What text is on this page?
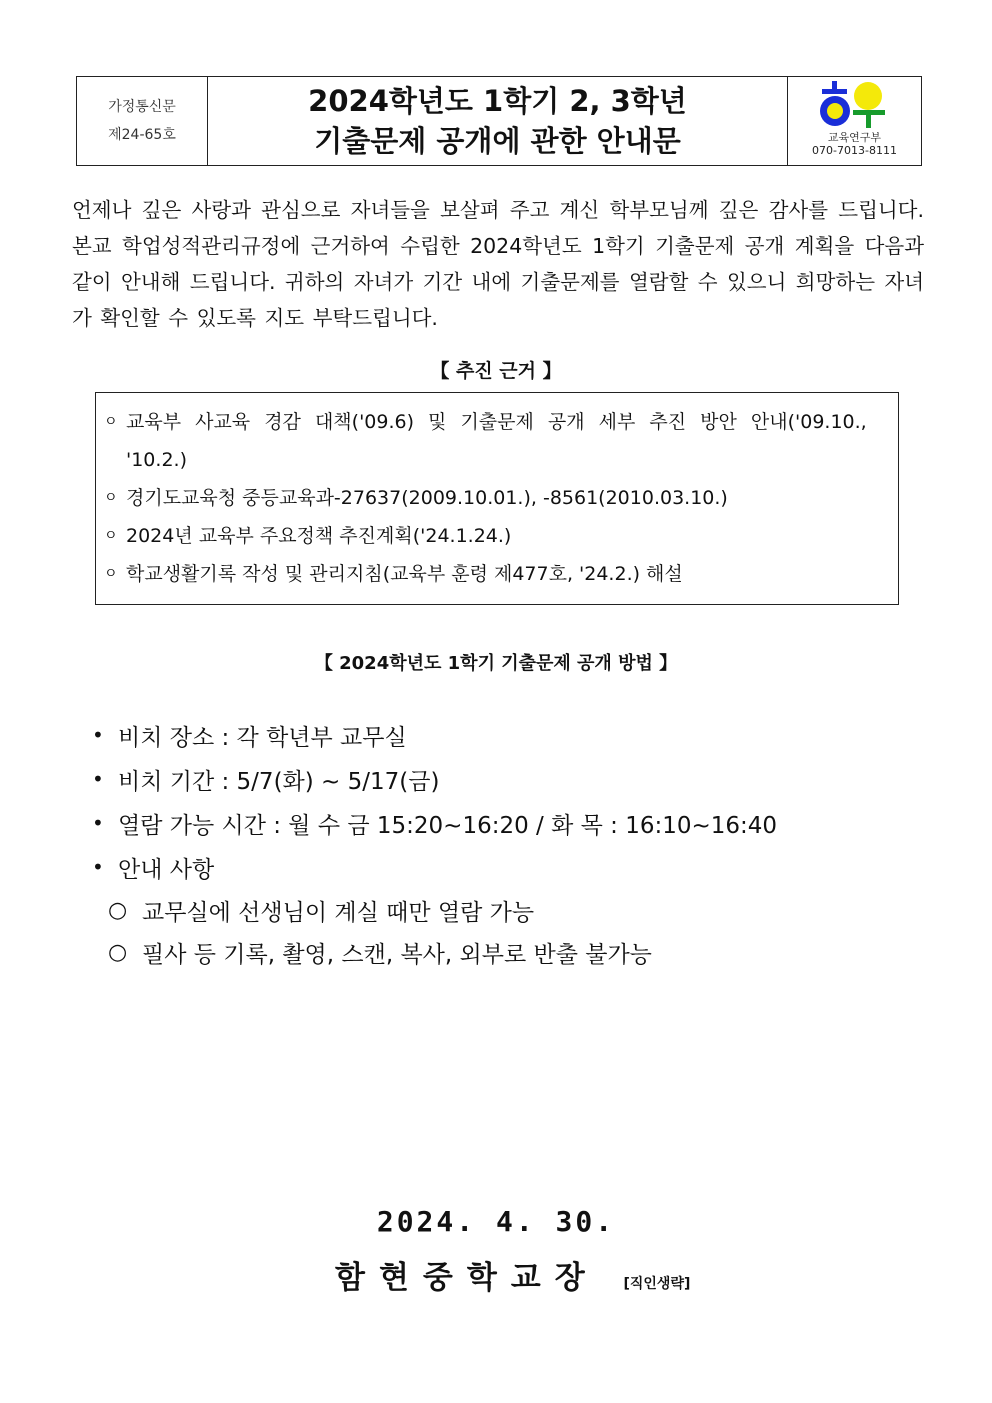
가정통신문
제24-65호
2024학년도 1학기 2, 3학년
기출문제 공개에 관한 안내문	교육연구부
070-7013-8111
언제나 깊은 사랑과 관심으로 자녀들을 보살펴 주고 계신 학부모님께 깊은 감사를 드립니다. 본교 학업성적관리규정에 근거하여 수립한 2024학년도 1학기 기출문제 공개 계획을 다음과 같이 안내해 드립니다. 귀하의 자녀가 기간 내에 기출문제를 열람할 수 있으니 희망하는 자녀가 확인할 수 있도록 지도 부탁드립니다.
【 추진 근거 】
ㅇ 교육부 사교육 경감 대책('09.6) 및 기출문제 공개 세부 추진 방안 안내('09.10., '10.2.)
ㅇ 경기도교육청 중등교육과-27637(2009.10.01.), -8561(2010.03.10.)
ㅇ 2024년 교육부 주요정책 추진계획('24.1.24.)
ㅇ 학교생활기록 작성 및 관리지침(교육부 훈령 제477호, '24.2.) 해설
【 2024학년도 1학기 기출문제 공개 방법 】
• 비치 장소 : 각 학년부 교무실
• 비치 기간 : 5/7(화) ~ 5/17(금)
• 열람 가능 시간 : 월 수 금 15:20~16:20 / 화 목 : 16:10~16:40
• 안내 사항
○ 교무실에 선생님이 계실 때만 열람 가능
○ 필사 등 기록, 촬영, 스캔, 복사, 외부로 반출 불가능
2024. 4. 30.
함현중학교장 [직인생략]
